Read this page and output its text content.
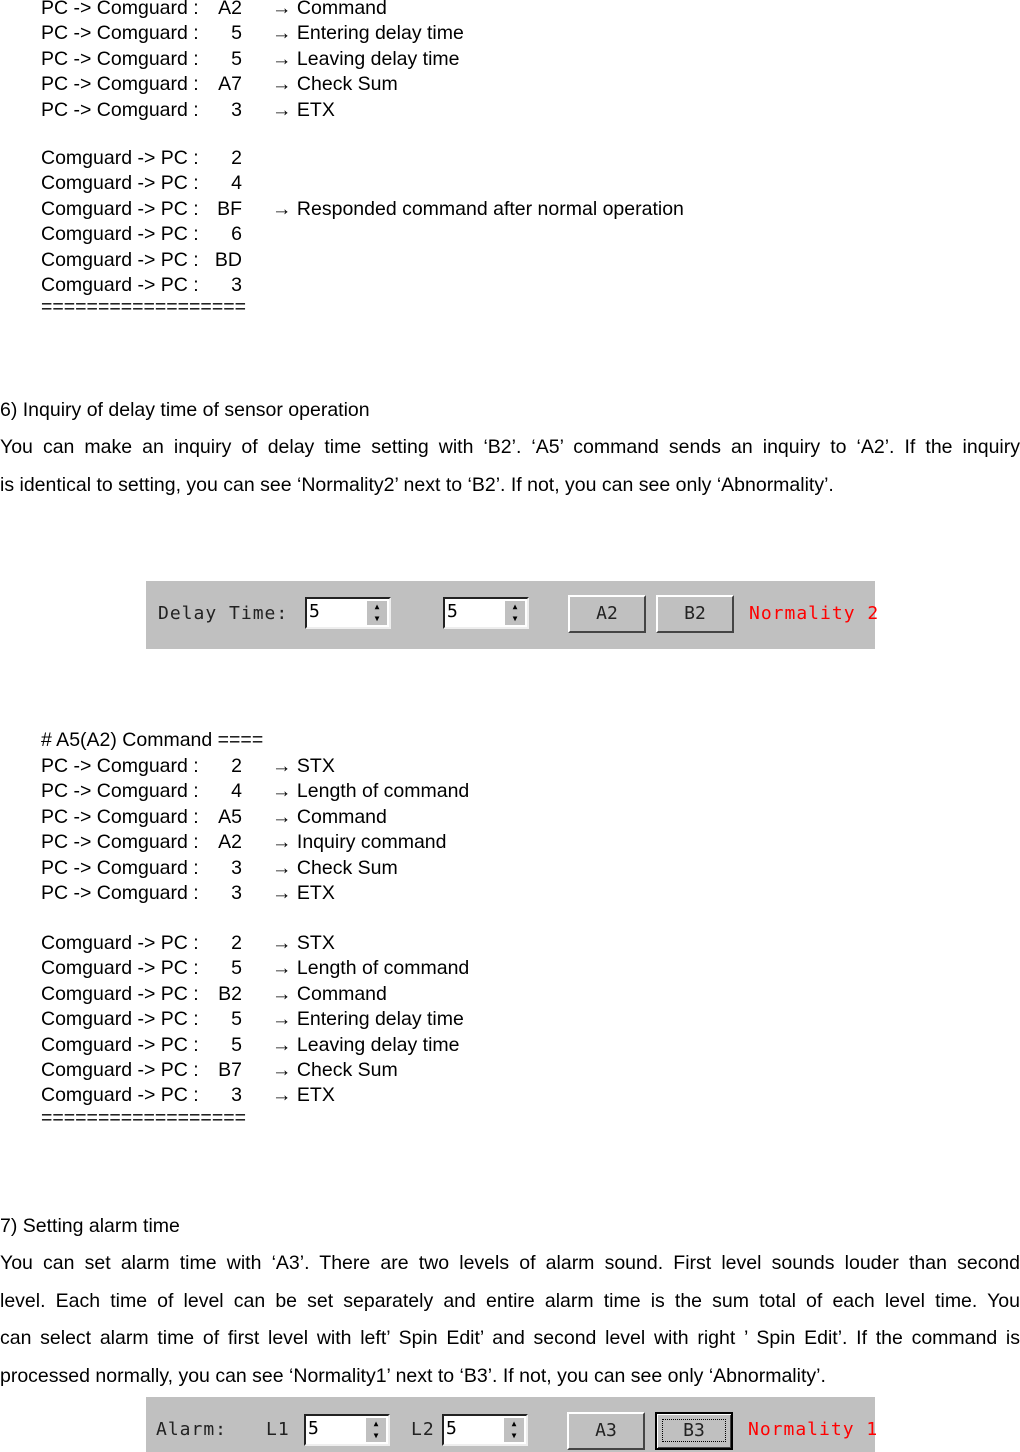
PC -> Comguard : A2 → Command
PC -> Comguard :	5 → Entering delay time
PC -> Comguard :	5 → Leaving delay time
PC -> Comguard : A7 → Check Sum
PC -> Comguard :	3 → ETX
Comguard -> PC :	2
Comguard -> PC :	4
Comguard -> PC : BF → Responded command after normal operation
Comguard -> PC :	6
Comguard -> PC : BD
Comguard -> PC :	3
==================
# A5(A2) Command ====
PC -> Comguard :	2 → STX
PC -> Comguard :	4 → Length of command
PC -> Comguard : A5 → Command
PC -> Comguard : A2 → Inquiry command
PC -> Comguard :	3 → Check Sum
PC -> Comguard :	3 → ETX
Comguard -> PC :	2 → STX
Comguard -> PC :	5 → Length of command
Comguard -> PC : B2 → Command
Comguard -> PC :	5 → Entering delay time
Comguard -> PC :	5 → Leaving delay time
Comguard -> PC : B7 → Check Sum
Comguard -> PC :	3 → ETX
==================
6) Inquiry of delay time of sensor operation
You can make an inquiry of delay time setting with ‘B2’. ‘A5’ command sends an inquiry to ‘A2’. If the inquiry
is identical to setting, you can see ‘Normality2’ next to ‘B2’. If not, you can see only ‘Abnormality’.
Delay Time: 5	▲
▼	5	▲
▼	A2	B2	Normality 2
7) Setting alarm time
You can set alarm time with ‘A3’. There are two levels of alarm sound. First level sounds louder than second
level. Each time of level can be set separately and entire alarm time is the sum total of each level time. You
can select alarm time of first level with left’ Spin Edit’ and second level with right ’ Spin Edit’. If the command is
processed normally, you can see ‘Normality1’ next to ‘B3’. If not, you can see only ‘Abnormality’.
Alarm: L1 5	▲
▼	L2 5	▲
▼	A3	B3	Normality 1
